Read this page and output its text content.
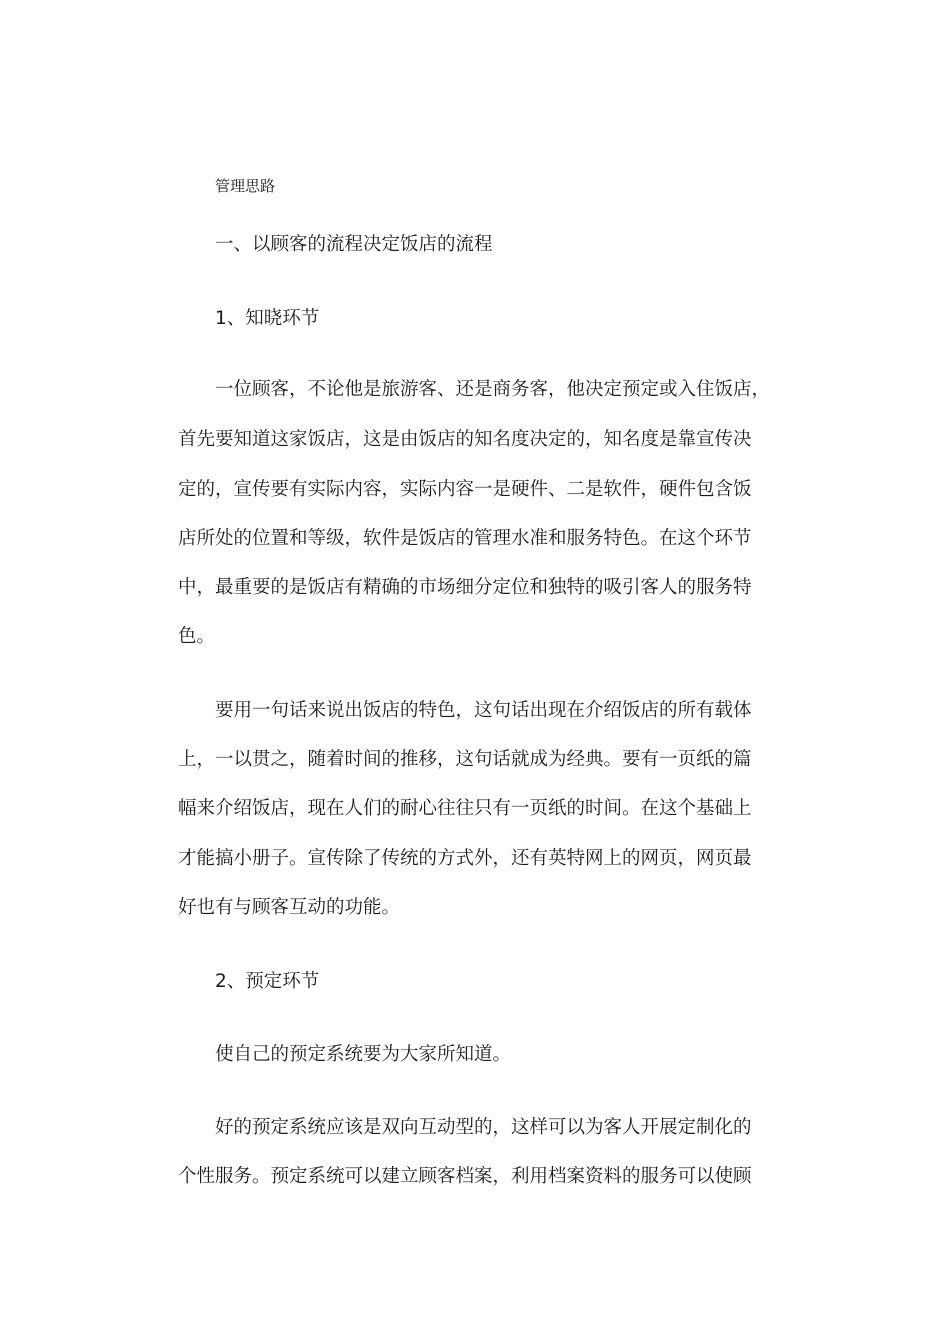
管理思路
一、以顾客的流程决定饭店的流程
1、知晓环节
一位顾客，不论他是旅游客、还是商务客，他决定预定或入住饭店，
首先要知道这家饭店，这是由饭店的知名度决定的，知名度是靠宣传决
定的，宣传要有实际内容，实际内容一是硬件、二是软件，硬件包含饭
店所处的位置和等级，软件是饭店的管理水准和服务特色。在这个环节
中，最重要的是饭店有精确的市场细分定位和独特的吸引客人的服务特
色。
要用一句话来说出饭店的特色，这句话出现在介绍饭店的所有载体
上，一以贯之，随着时间的推移，这句话就成为经典。要有一页纸的篇
幅来介绍饭店，现在人们的耐心往往只有一页纸的时间。在这个基础上
才能搞小册子。宣传除了传统的方式外，还有英特网上的网页，网页最
好也有与顾客互动的功能。
2、预定环节
使自己的预定系统要为大家所知道。
好的预定系统应该是双向互动型的，这样可以为客人开展定制化的
个性服务。预定系统可以建立顾客档案，利用档案资料的服务可以使顾
